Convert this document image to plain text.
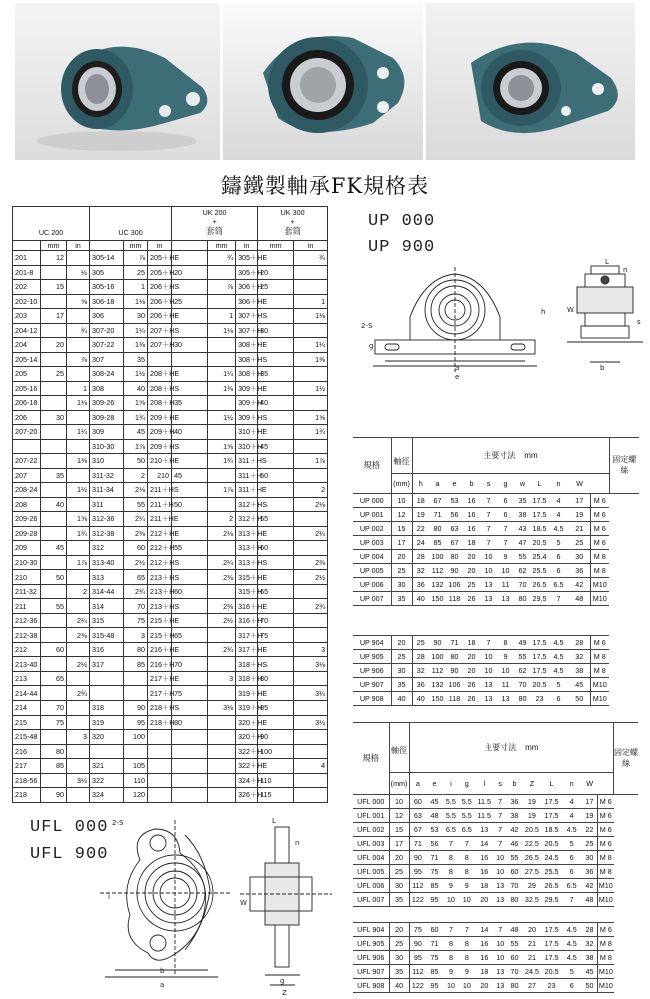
鑄鐵製軸承FK規格表
UC 200			UC 300			UK 200
+
套筒			UK 300
+
套筒	
	mm	in		mm	in		mm	in	mm	in
201	12		305-14	⅞	205＋HE		¾	305＋HE		¾
201-8		½	305	25	205＋H	20		305＋H	20	
202	15		305-16	1	206＋HS		⅞	306＋H	25	
202-10		⅝	306-18	1⅛	206＋H	25		306＋HE		1
203	17		306	30	206＋HE		1	307＋HS		1⅛
204-12		¾	307-20	1¼	207＋HS		1⅛	307＋H	30	
204	20		307-22	1⅜	207＋H	30		308＋HE		1¼
205-14		⅞	307	35				308＋HS		1⅜
205	25		308-24	1½	208＋HE		1¼	308＋H	35	
205-16		1	308	40	208＋HS		1⅜	309＋HE		1½
206-18		1⅛	309-26	1⅝	208＋H	35		309＋H	40	
206	30		309-28	1¾	209＋HE		1½	309＋HS		1⅝
207-20		1¼	309	45	209＋H	40		310＋HE		1¾
			310-30	1⅞	209＋HS		1⅝	310＋H	45	
207-22		1⅜	310	50	210＋HE		1¾	311＋HS		1⅞
207	35		311-32	2	210	45		311＋H	50	
208-24		1½	311-34	2⅛	211＋HS		1⅞	311＋HE		2
208	40		311	55	211＋H	50		312＋HS		2⅛
209-26		1⅝	312-36	2¼	211＋HE		2	312＋H	55	
209-28		1¾	312-38	2⅜	212＋HE		2⅛	313＋HE		2¼
209	45		312	60	212＋H	55		313＋H	60	
210-30		1⅞	313-40	2½	212＋HS		2¼	313＋HS		2⅜
210	50		313	65	213＋HS		2⅜	315＋HE		2½
211-32		2	314-44	2¾	213＋H	60		315＋H	65	
211	55		314	70	213＋HS		2⅜	316＋HE		2¾
212-36		2¼	315	75	215＋HE		2½	316＋H	70	
212-38		2⅜	315-48	3	215＋H	65		317＋H	75	
212	60		316	80	216＋HE		2¾	317＋HE		3
213-40		2½	317	85	216＋H	70		318＋HS		3⅛
213	65				217＋HE		3	318＋H	80	
214-44		2¾			217＋H	75		319＋HE		3¼
214	70		318	90	218＋HS		3⅛	319＋H	85	
215	75		319	95	218＋H	80		320＋HE		3½
215-48		3	320	100				320＋H	90	
216	80							322＋H	100	
217	85		321	105				322＋HE		4
218-56		3½	322	110				324＋H	110	
218	90		324	120				326＋H	115	
UP 000
UP 900
2-S
g
a
e
h
L
n
W
s
b
規格	軸徑	主要寸法 mm											固定螺絲
	(mm)	h	a	e	b	s	g	w	L	n	W		
UP 000	10	18	67	53	16	7	6	35	17.5	4	17	M 6	
UP 001	12	19	71	56	16	7	6	38	17.5	4	19	M 6	
UP 002	15	22	80	63	16	7	7	43	18.5	4.5	21	M 6	
UP 003	17	24	85	67	18	7	7	47	20.5	5	25	M 6	
UP 004	20	28	100	80	20	10	9	55	25.4	6	30	M 8	
UP 005	25	32	112	90	20	10	10	62	25.5	6	36	M 8	
UP 006	30	36	132	106	25	13	11	70	26.5	6.5	42	M10	
UP 007	35	40	150	118	26	13	13	80	29.5	7	48	M10	
UP 904	20	25	90	71	18	7	8	49	17.5	4.5	28	M 6
UP 905	25	28	100	80	20	10	9	55	17.5	4.5	32	M 8
UP 906	30	32	112	90	20	10	10	62	17.5	4.5	38	M 8
UP 907	35	36	132	106	26	13	11	70	20.5	5	45	M10
UP 908	40	40	150	118	26	13	13	80	23	6	50	M10
規格	軸徑	主要寸法 mm												固定螺絲
	(mm)	a	e	i	g	l	s	b	Z	L	n	W		
UFL 000	10	60	45	5.5	5.5	11.5	7	36	19	17.5	4	17	M 6	
UFL 001	12	63	48	5.5	5.5	11.5	7	38	19	17.5	4	19	M 6	
UFL 002	15	67	53	6.5	6.5	13	7	42	20.5	18.5	4.5	22	M 6	
UFL 003	17	71	56	7	7	14	7	46	22.5	20.5	5	25	M 6	
UFL 004	20	90	71	8	8	16	10	55	26.5	24.5	6	30	M 8	
UFL 005	25	95	75	8	8	16	10	60	27.5	25.5	6	36	M 8	
UFL 006	30	112	85	9	9	18	13	70	29	26.5	6.5	42	M10	
UFL 007	35	122	95	10	10	20	13	80	32.5	29.5	7	48	M10	
UFL 904	20	75	60	7	7	14	7	48	20	17.5	4.5	28	M 6
UFL 905	25	90	71	8	8	16	10	55	21	17.5	4.5	32	M 8
UFL 906	30	95	75	8	8	16	10	60	21	17.5	4.5	38	M 8
UFL 907	35	112	85	9	9	18	13	70	24.5	20.5	5	45	M10
UFL 908	40	122	95	10	10	20	13	80	27	23	6	50	M10
UFL 000
UFL 900
2-S
i
b
a
L
n
W
g
Z
